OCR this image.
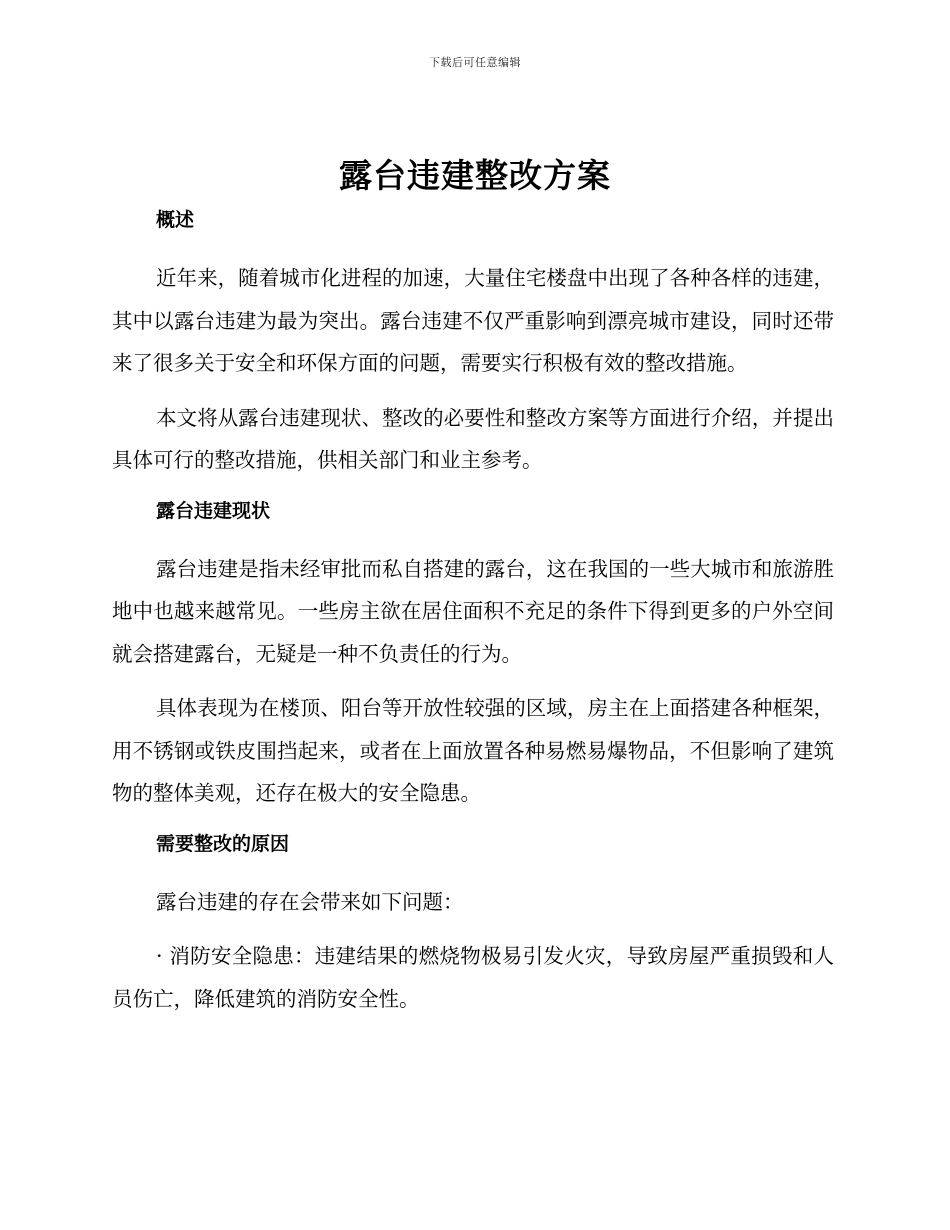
下载后可任意编辑
露台违建整改方案
概述

近年来，随着城市化进程的加速，大量住宅楼盘中出现了各种各样的违建，其中以露台违建为最为突出。露台违建不仅严重影响到漂亮城市建设，同时还带来了很多关于安全和环保方面的问题，需要实行积极有效的整改措施。

本文将从露台违建现状、整改的必要性和整改方案等方面进行介绍，并提出具体可行的整改措施，供相关部门和业主参考。

露台违建现状

露台违建是指未经审批而私自搭建的露台，这在我国的一些大城市和旅游胜地中也越来越常见。一些房主欲在居住面积不充足的条件下得到更多的户外空间就会搭建露台，无疑是一种不负责任的行为。

具体表现为在楼顶、阳台等开放性较强的区域，房主在上面搭建各种框架，用不锈钢或铁皮围挡起来，或者在上面放置各种易燃易爆物品，不但影响了建筑物的整体美观，还存在极大的安全隐患。

需要整改的原因

露台违建的存在会带来如下问题：

· 消防安全隐患：违建结果的燃烧物极易引发火灾，导致房屋严重损毁和人员伤亡，降低建筑的消防安全性。
